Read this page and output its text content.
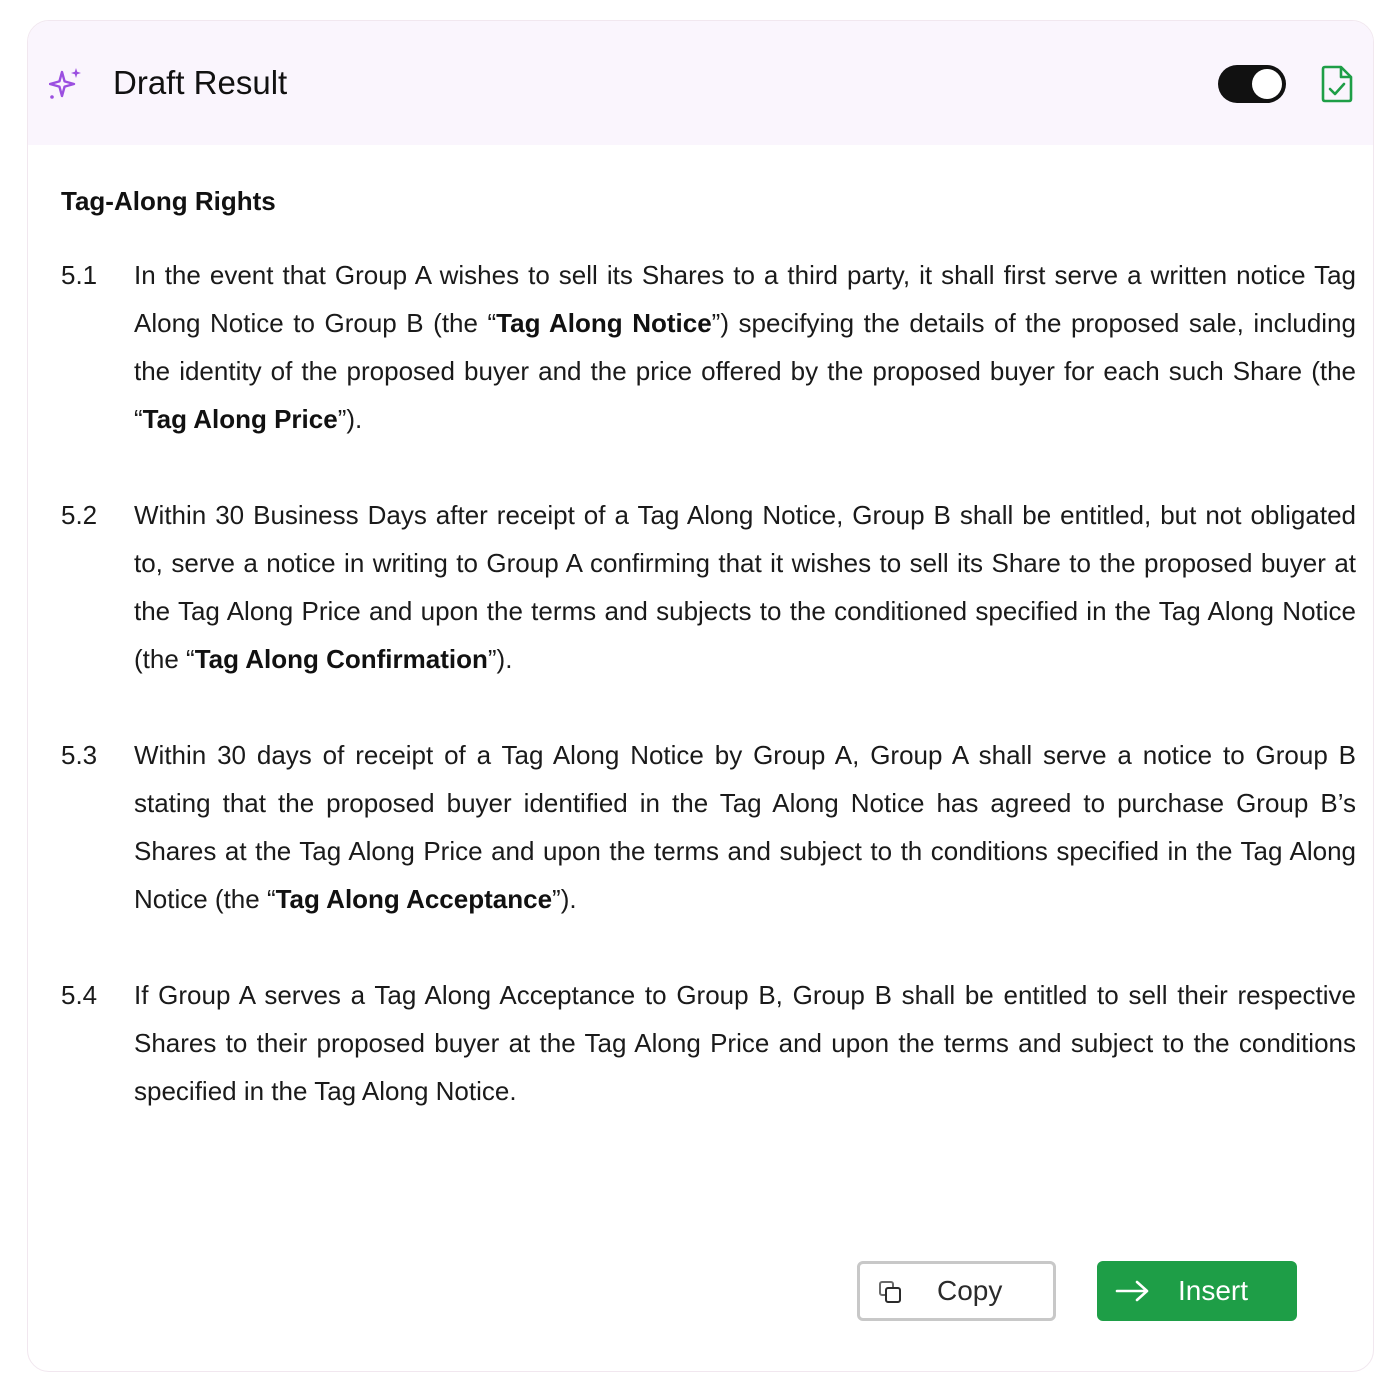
Draft Result
Tag-Along Rights
5.1 In the event that Group A wishes to sell its Shares to a third party, it shall first serve a written notice Tag Along Notice to Group B (the “Tag Along Notice”) specifying the details of the proposed sale, including the identity of the proposed buyer and the price offered by the proposed buyer for each such Share (the “Tag Along Price”).
5.2 Within 30 Business Days after receipt of a Tag Along Notice, Group B shall be entitled, but not obligated to, serve a notice in writing to Group A confirming that it wishes to sell its Share to the proposed buyer at the Tag Along Price and upon the terms and subjects to the conditioned specified in the Tag Along Notice (the “Tag Along Confirmation”).
5.3 Within 30 days of receipt of a Tag Along Notice by Group A, Group A shall serve a notice to Group B stating that the proposed buyer identified in the Tag Along Notice has agreed to purchase Group B’s Shares at the Tag Along Price and upon the terms and subject to th conditions specified in the Tag Along Notice (the “Tag Along Acceptance”).
5.4 If Group A serves a Tag Along Acceptance to Group B, Group B shall be entitled to sell their respective Shares to their proposed buyer at the Tag Along Price and upon the terms and subject to the conditions specified in the Tag Along Notice.
Copy	Insert
